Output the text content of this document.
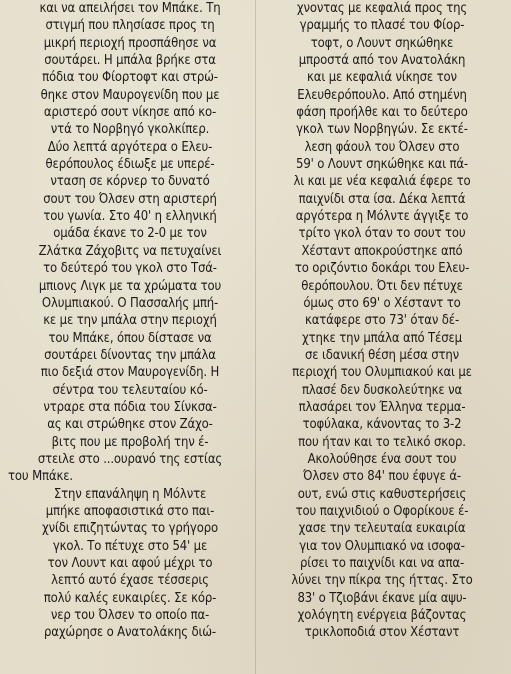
και να απειλήσει τον Μπάκε. Τη
στιγμή που πλησίασε προς τη
μικρή περιοχή προσπάθησε να
σουτάρει. Η μπάλα βρήκε στα
πόδια του Φίορτοφτ και στρώ-
θηκε στον Μαυρογενίδη που με
αριστερό σουτ νίκησε από κο-
ντά το Νορβηγό γκολκίπερ.
Δύο λεπτά αργότερα ο Ελευ-
θερόπουλος έδιωξε με υπερέ-
νταση σε κόρνερ το δυνατό
σουτ του Όλσεν στη αριστερή
του γωνία. Στο 40' η ελληνική
ομάδα έκανε το 2-0 με τον
Ζλάτκα Ζάχοβιτς να πετυχαίνει
το δεύτερό του γκολ στο Τσά-
μπιονς Λιγκ με τα χρώματα του
Ολυμπιακού. Ο Πασσαλής μπή-
κε με την μπάλα στην περιοχή
του Μπάκε, όπου δίστασε να
σουτάρει δίνοντας την μπάλα
πιο δεξιά στον Μαυρογενίδη. Η
σέντρα του τελευταίου κό-
ντραρε στα πόδια του Σίνκσα-
ας και στρώθηκε στον Ζάχο-
βιτς που με προβολή την έ-
στειλε στο ...ουρανό της εστίας
του Μπάκε.
Στην επανάληψη η Μόλντε
μπήκε αποφασιστικά στο παι-
χνίδι επιζητώντας το γρήγορο
γκολ. Το πέτυχε στο 54' με
τον Λουντ και αφού μέχρι το
λεπτό αυτό έχασε τέσσερις
πολύ καλές ευκαιρίες. Σε κόρ-
νερ του Όλσεν το οποίο πα-
ραχώρησε ο Ανατολάκης διώ-
χνοντας με κεφαλιά προς της
γραμμής το πλασέ του Φίορ-
τοφτ, ο Λουντ σηκώθηκε
μπροστά από τον Ανατολάκη
και με κεφαλιά νίκησε τον
Ελευθερόπουλο. Από στημένη
φάση προήλθε και το δεύτερο
γκολ των Νορβηγών. Σε εκτέ-
λεση φάουλ του Όλσεν στο
59' ο Λουντ σηκώθηκε και πά-
λι και με νέα κεφαλιά έφερε το
παιχνίδι στα ίσα. Δέκα λεπτά
αργότερα η Μόλντε άγγιξε το
τρίτο γκολ όταν το σουτ του
Χέσταντ αποκρούστηκε από
το οριζόντιο δοκάρι του Ελευ-
θερόπουλου. Ότι δεν πέτυχε
όμως στο 69' ο Χέσταντ το
κατάφερε στο 73' όταν δέ-
χτηκε την μπάλα από Τέσεμ
σε ιδανική θέση μέσα στην
περιοχή του Ολυμπιακού και με
πλασέ δεν δυσκολεύτηκε να
πλασάρει τον Έλληνα τερμα-
τοφύλακα, κάνοντας το 3-2
που ήταν και το τελικό σκορ.
Ακολούθησε ένα σουτ του
Όλσεν στο 84' που έφυγε ά-
ουτ, ενώ στις καθυστερήσεις
του παιχνιδιού ο Οφορίκουε έ-
χασε την τελευταία ευκαιρία
για τον Ολυμπιακό να ισοφα-
ρίσει το παιχνίδι και να απα-
λύνει την πίκρα της ήττας. Στο
83' ο Τζιοβάνι έκανε μία αψυ-
χολόγητη ενέργεια βάζοντας
τρικλοποδιά στον Χέσταντ
